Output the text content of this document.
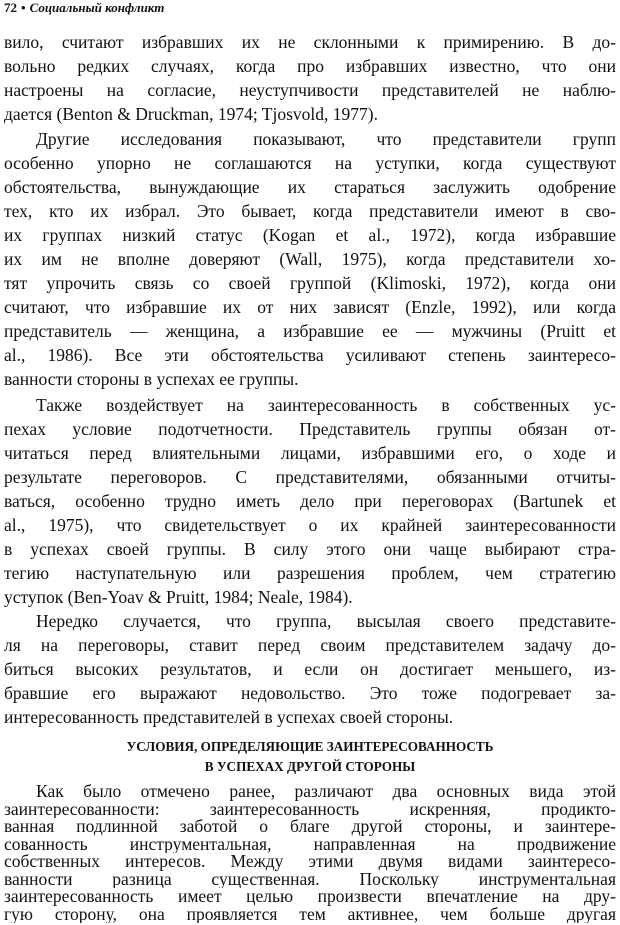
72 • Социальный конфликт
вило, считают избравших их не склонными к примирению. В до-
вольно редких случаях, когда про избравших известно, что они
настроены на согласие, неуступчивости представителей не наблю-
дается (Benton & Druckman, 1974; Tjosvold, 1977).
Другие исследования показывают, что представители групп
особенно упорно не соглашаются на уступки, когда существуют
обстоятельства, вынуждающие их стараться заслужить одобрение
тех, кто их избрал. Это бывает, когда представители имеют в сво-
их группах низкий статус (Kogan et al., 1972), когда избравшие
их им не вполне доверяют (Wall, 1975), когда представители хо-
тят упрочить связь со своей группой (Klimoski, 1972), когда они
считают, что избравшие их от них зависят (Enzle, 1992), или когда
представитель — женщина, а избравшие ее — мужчины (Pruitt et
al., 1986). Все эти обстоятельства усиливают степень заинтересо-
ванности стороны в успехах ее группы.
Также воздействует на заинтересованность в собственных ус-
пехах условие подотчетности. Представитель группы обязан от-
читаться перед влиятельными лицами, избравшими его, о ходе и
результате переговоров. С представителями, обязанными отчиты-
ваться, особенно трудно иметь дело при переговорах (Bartunek et
al., 1975), что свидетельствует о их крайней заинтересованности
в успехах своей группы. В силу этого они чаще выбирают стра-
тегию наступательную или разрешения проблем, чем стратегию
уступок (Ben-Yoav & Pruitt, 1984; Neale, 1984).
Нередко случается, что группа, высылая своего представите-
ля на переговоры, ставит перед своим представителем задачу до-
биться высоких результатов, и если он достигает меньшего, из-
бравшие его выражают недовольство. Это тоже подогревает за-
интересованность представителей в успехах своей стороны.
УСЛОВИЯ, ОПРЕДЕЛЯЮЩИЕ ЗАИНТЕРЕСОВАННОСТЬ
В УСПЕХАХ ДРУГОЙ СТОРОНЫ
Как было отмечено ранее, различают два основных вида этой
заинтересованности: заинтересованность искренняя, продикто-
ванная подлинной заботой о благе другой стороны, и заинтере-
сованность инструментальная, направленная на продвижение
собственных интересов. Между этими двумя видами заинтересо-
ванности разница существенная. Поскольку инструментальная
заинтересованность имеет целью произвести впечатление на дру-
гую сторону, она проявляется тем активнее, чем больше другая
